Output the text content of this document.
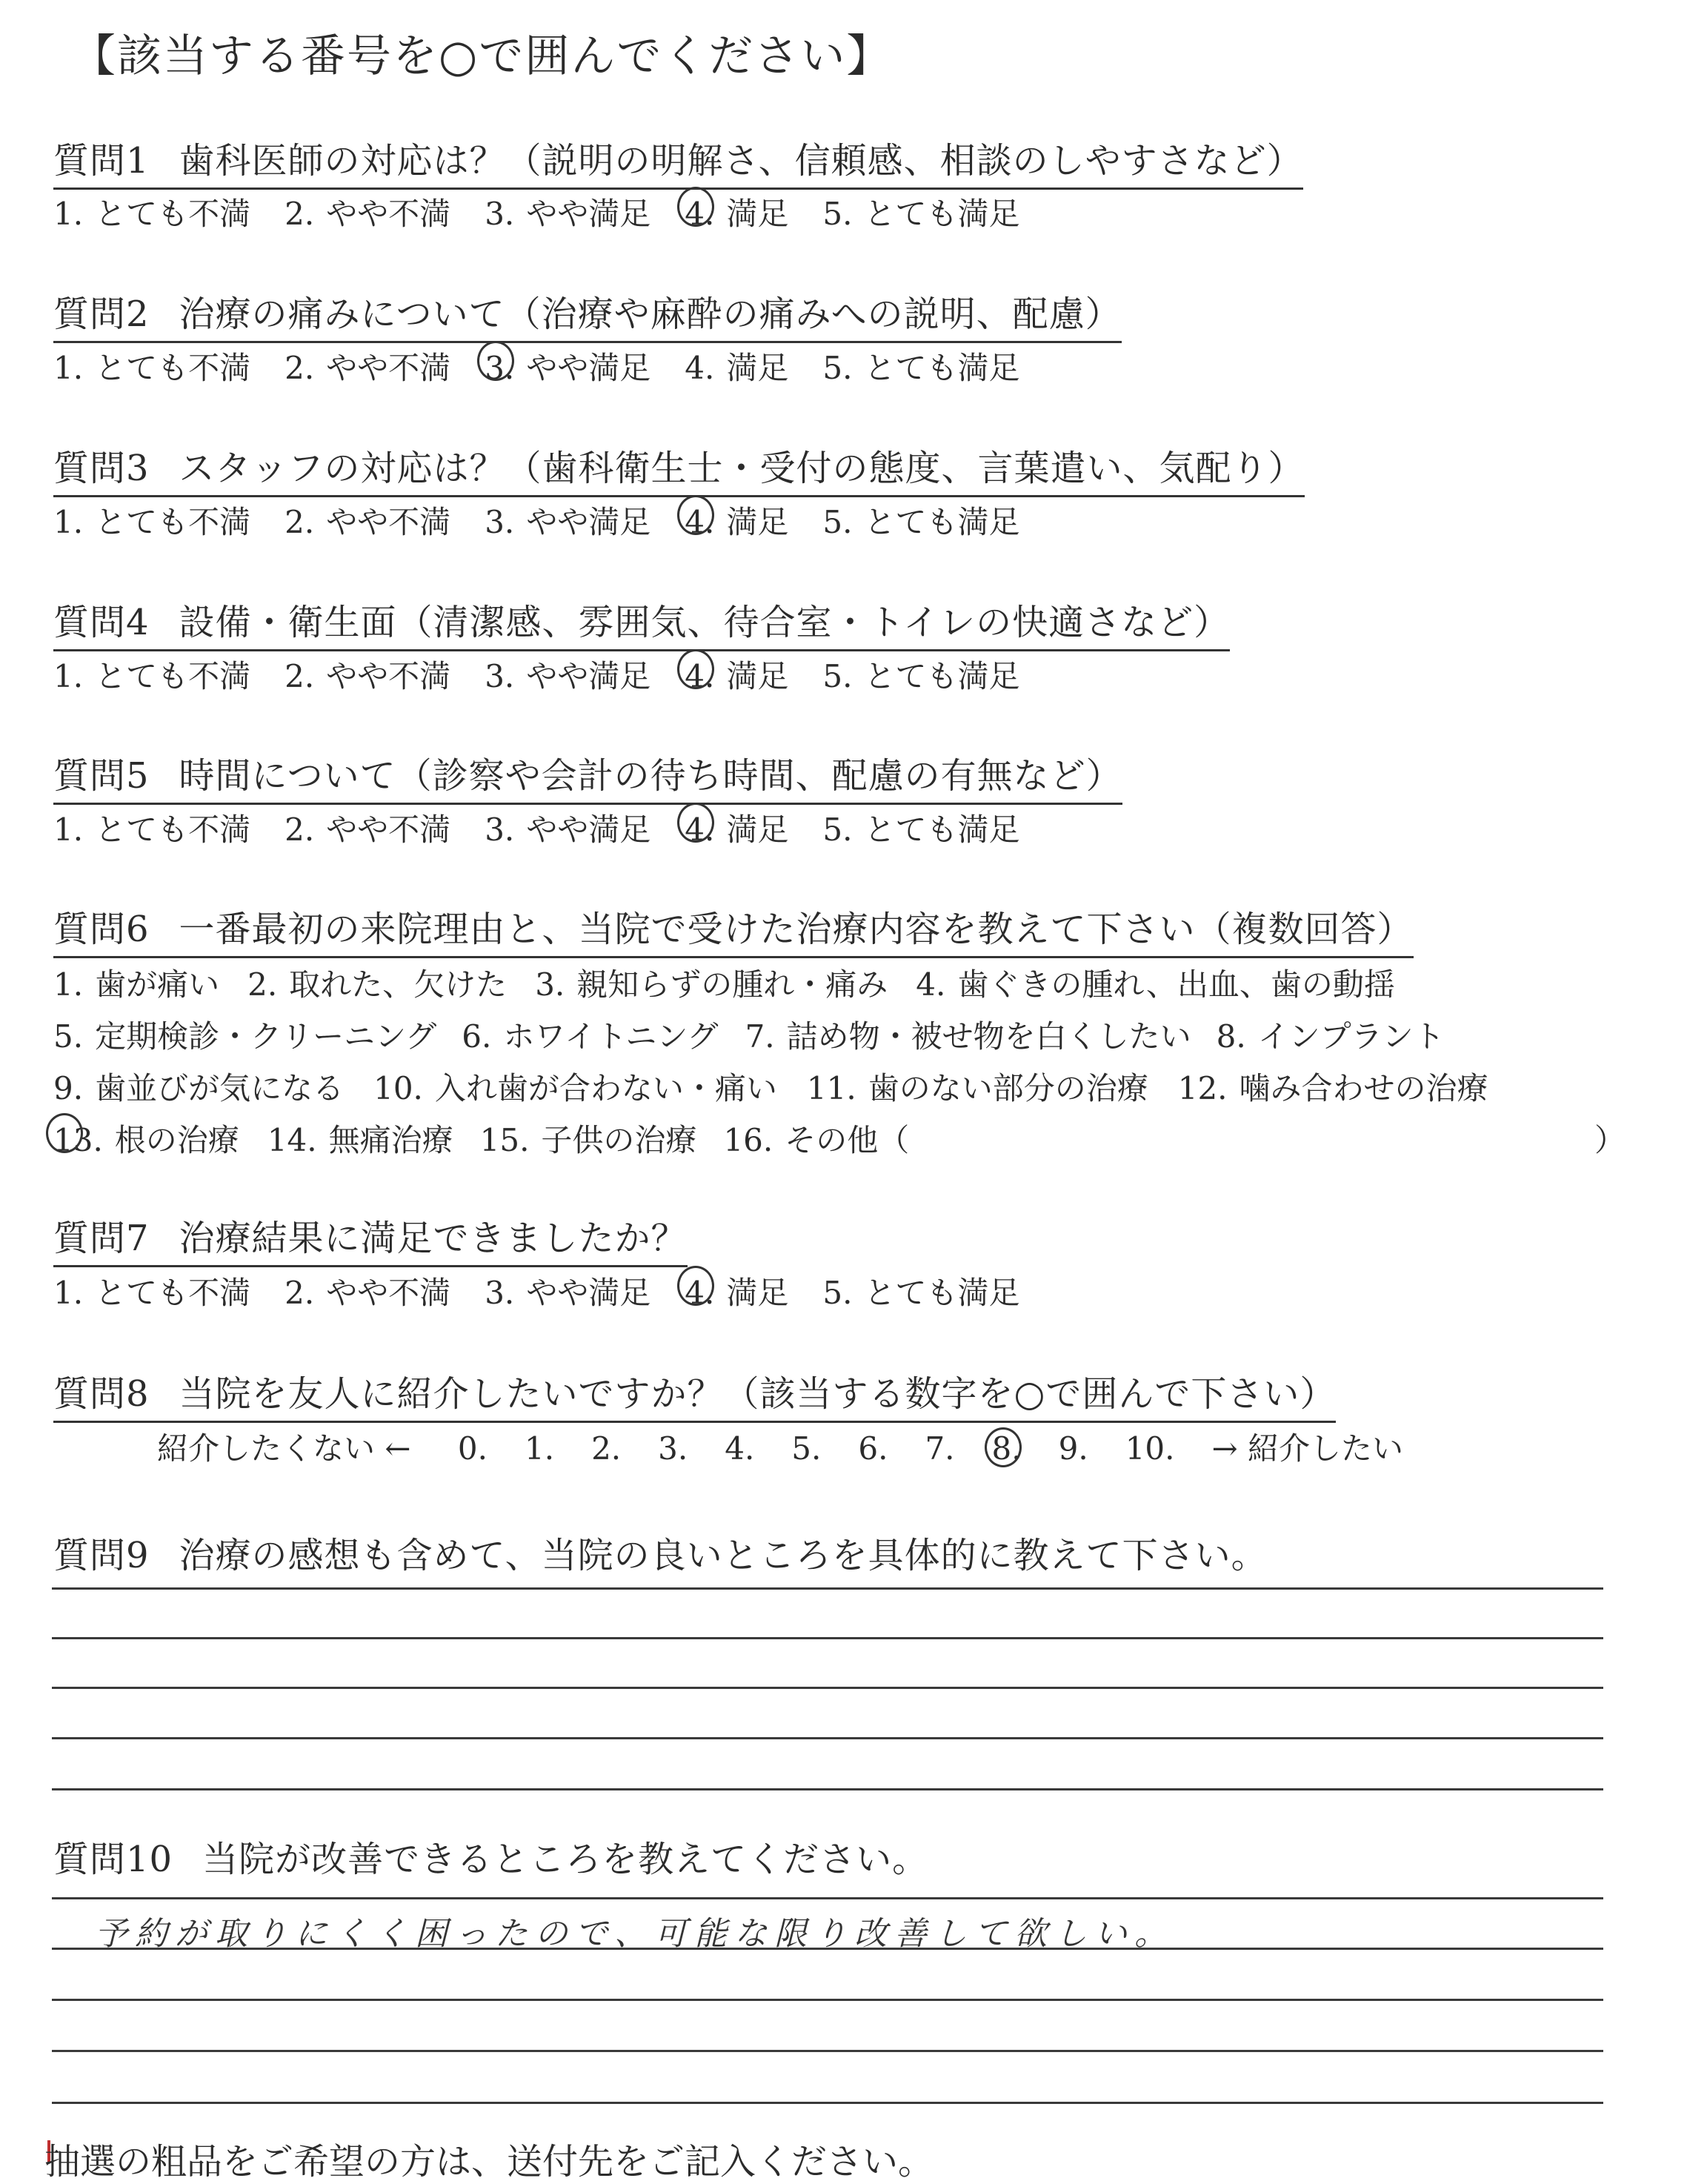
【該当する番号を○で囲んでください】
質問1 歯科医師の対応は？（説明の明解さ、信頼感、相談のしやすさなど）
1. とても不満 2. やや不満 3. やや満足 4. 満足 5. とても満足
質問2 治療の痛みについて（治療や麻酔の痛みへの説明、配慮）
1. とても不満 2. やや不満 3. やや満足 4. 満足 5. とても満足
質問3 スタッフの対応は？（歯科衛生士・受付の態度、言葉遣い、気配り）
1. とても不満 2. やや不満 3. やや満足 4. 満足 5. とても満足
質問4 設備・衛生面（清潔感、雰囲気、待合室・トイレの快適さなど）
1. とても不満 2. やや不満 3. やや満足 4. 満足 5. とても満足
質問5 時間について（診察や会計の待ち時間、配慮の有無など）
1. とても不満 2. やや不満 3. やや満足 4. 満足 5. とても満足
質問6 一番最初の来院理由と、当院で受けた治療内容を教えて下さい（複数回答）
1. 歯が痛い 2. 取れた、欠けた 3. 親知らずの腫れ・痛み 4. 歯ぐきの腫れ、出血、歯の動揺
5. 定期検診・クリーニング 6. ホワイトニング 7. 詰め物・被せ物を白くしたい 8. インプラント
9. 歯並びが気になる 10. 入れ歯が合わない・痛い 11. 歯のない部分の治療 12. 噛み合わせの治療
13. 根の治療 14. 無痛治療 15. 子供の治療 16. その他（	）
質問7 治療結果に満足できましたか？
1. とても不満 2. やや不満 3. やや満足 4. 満足 5. とても満足
質問8 当院を友人に紹介したいですか？（該当する数字を○で囲んで下さい）
紹介したくない ← 0. 1. 2. 3. 4. 5. 6. 7. 8. 9. 10. → 紹介したい
質問9 治療の感想も含めて、当院の良いところを具体的に教えて下さい。
質問10 当院が改善できるところを教えてください。
予約が取りにくく困ったので、可能な限り改善して欲しい。
抽選の粗品をご希望の方は、送付先をご記入ください。
